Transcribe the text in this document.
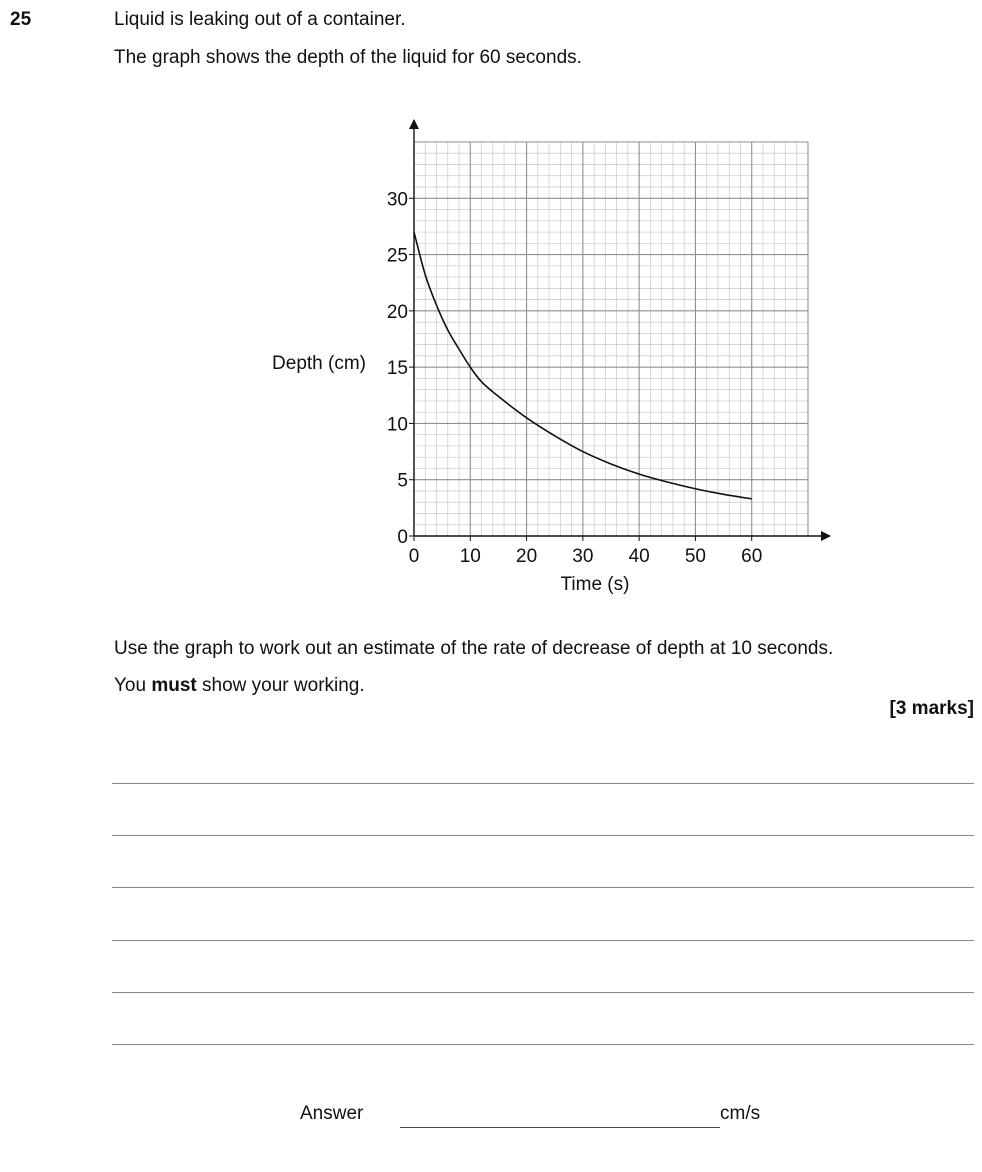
25	Liquid is leaking out of a container.
The graph shows the depth of the liquid for 60 seconds.
0 10 20 30 40 50 60
0
5
10
15
20
25
30
Depth (cm)
Time (s)
Use the graph to work out an estimate of the rate of decrease of depth at 10 seconds.
You must show your working.
[3 marks]
Answer	cm/s
